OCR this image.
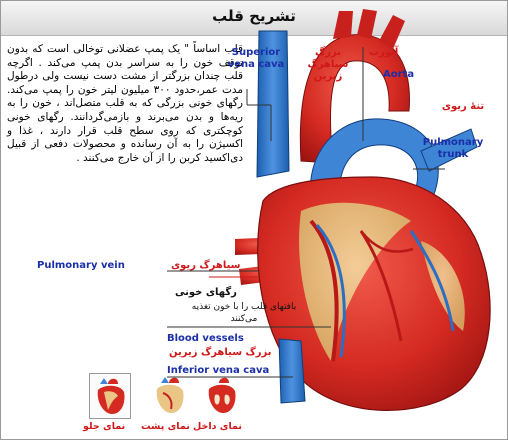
تشریح قلب
قلب اساساً " یک پمپ عضلانی توخالی است که بدون توقف خون را به سراسر بدن پمپ می‌کند . اگرچه قلب چندان بزرگتر از مشت دست نیست ولی درطول مدت عمر،حدود ۳۰۰ میلیون لیتر خون را پمپ می‌کند. رگهای خونی بزرگی که به قلب متصل‌اند ، خون را به ریه‌ها و بدن می‌برند و بازمی‌گردانند. رگهای خونی کوچکتری که روی سطح قلب قرار دارند ، غذا و اکسیژن را به آن رسانده و محصولات دفعی از قبیل دی‌اکسید کربن را از آن خارج می‌کنند .
Superior vena cava
بزرگ سیاهرگ زبرین
آئورت
Aorta
تنهٔ ریوی
Pulmonary trunk
Pulmonary vein	سیاهرگ ریوی
رگهای خونی
بافتهای قلب را با خون تغذیه می‌کنند
Blood vessels
بزرگ سیاهرگ زیرین
Inferior vena cava
نمای جلو نمای پشت نمای داخل
